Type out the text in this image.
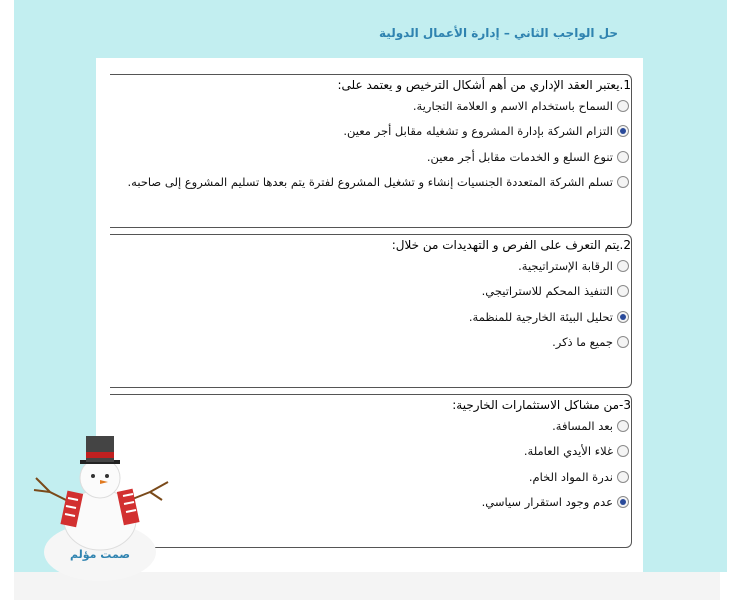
حل الواجب الثاني – إدارة الأعمال الدولية
1.يعتبر العقد الإداري من أهم أشكال الترخيص و يعتمد على:
السماح باستخدام الاسم و العلامة التجارية.
التزام الشركة بإدارة المشروع و تشغيله مقابل أجر معين.
تنوع السلع و الخدمات مقابل أجر معين.
تسلم الشركة المتعددة الجنسيات إنشاء و تشغيل المشروع لفترة يتم بعدها تسليم المشروع إلى صاحبه.
2.يتم التعرف على الفرص و التهديدات من خلال:
الرقابة الإستراتيجية.
التنفيذ المحكم للاستراتيجي.
تحليل البيئة الخارجية للمنظمة.
جميع ما ذكر.
3-من مشاكل الاستثمارات الخارجية:
بعد المسافة.
غلاء الأيدي العاملة.
ندرة المواد الخام.
عدم وجود استقرار سياسي.
صمت مؤلم
